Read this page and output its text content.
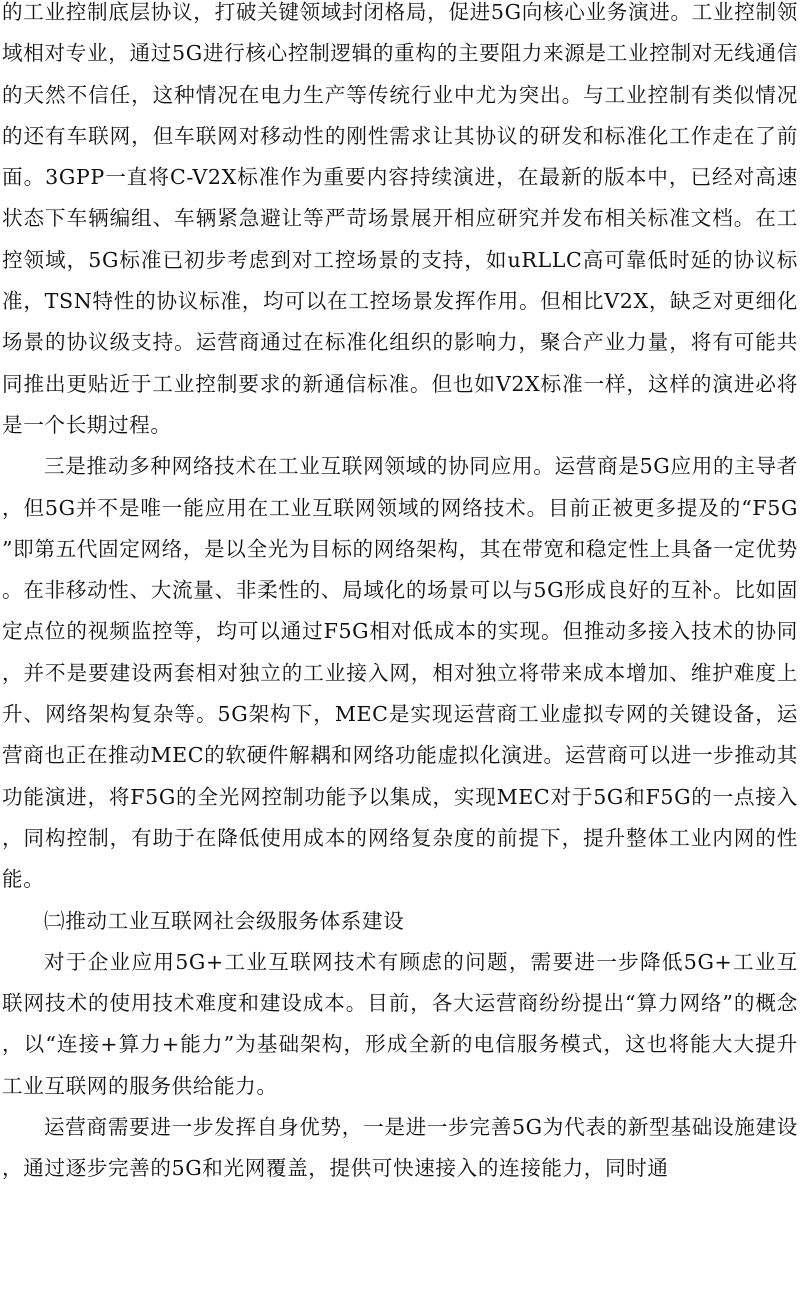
的工业控制底层协议，打破关键领域封闭格局，促进5G向核心业务演进。工业控制领域相对专业，通过5G进行核心控制逻辑的重构的主要阻力来源是工业控制对无线通信的天然不信任，这种情况在电力生产等传统行业中尤为突出。与工业控制有类似情况的还有车联网，但车联网对移动性的刚性需求让其协议的研发和标准化工作走在了前面。3GPP一直将C-V2X标准作为重要内容持续演进，在最新的版本中，已经对高速状态下车辆编组、车辆紧急避让等严苛场景展开相应研究并发布相关标准文档。在工控领域，5G标准已初步考虑到对工控场景的支持，如uRLLC高可靠低时延的协议标准，TSN特性的协议标准，均可以在工控场景发挥作用。但相比V2X，缺乏对更细化场景的协议级支持。运营商通过在标准化组织的影响力，聚合产业力量，将有可能共同推出更贴近于工业控制要求的新通信标准。但也如V2X标准一样，这样的演进必将是一个长期过程。

三是推动多种网络技术在工业互联网领域的协同应用。运营商是5G应用的主导者，但5G并不是唯一能应用在工业互联网领域的网络技术。目前正被更多提及的“F5G”即第五代固定网络，是以全光为目标的网络架构，其在带宽和稳定性上具备一定优势。在非移动性、大流量、非柔性的、局域化的场景可以与5G形成良好的互补。比如固定点位的视频监控等，均可以通过F5G相对低成本的实现。但推动多接入技术的协同，并不是要建设两套相对独立的工业接入网，相对独立将带来成本增加、维护难度上升、网络架构复杂等。5G架构下，MEC是实现运营商工业虚拟专网的关键设备，运营商也正在推动MEC的软硬件解耦和网络功能虚拟化演进。运营商可以进一步推动其功能演进，将F5G的全光网控制功能予以集成，实现MEC对于5G和F5G的一点接入，同构控制，有助于在降低使用成本的网络复杂度的前提下，提升整体工业内网的性能。

㈡推动工业互联网社会级服务体系建设

对于企业应用5G+工业互联网技术有顾虑的问题，需要进一步降低5G+工业互联网技术的使用技术难度和建设成本。目前，各大运营商纷纷提出“算力网络”的概念，以“连接+算力+能力”为基础架构，形成全新的电信服务模式，这也将能大大提升工业互联网的服务供给能力。

运营商需要进一步发挥自身优势，一是进一步完善5G为代表的新型基础设施建设，通过逐步完善的5G和光网覆盖，提供可快速接入的连接能力，同时通
